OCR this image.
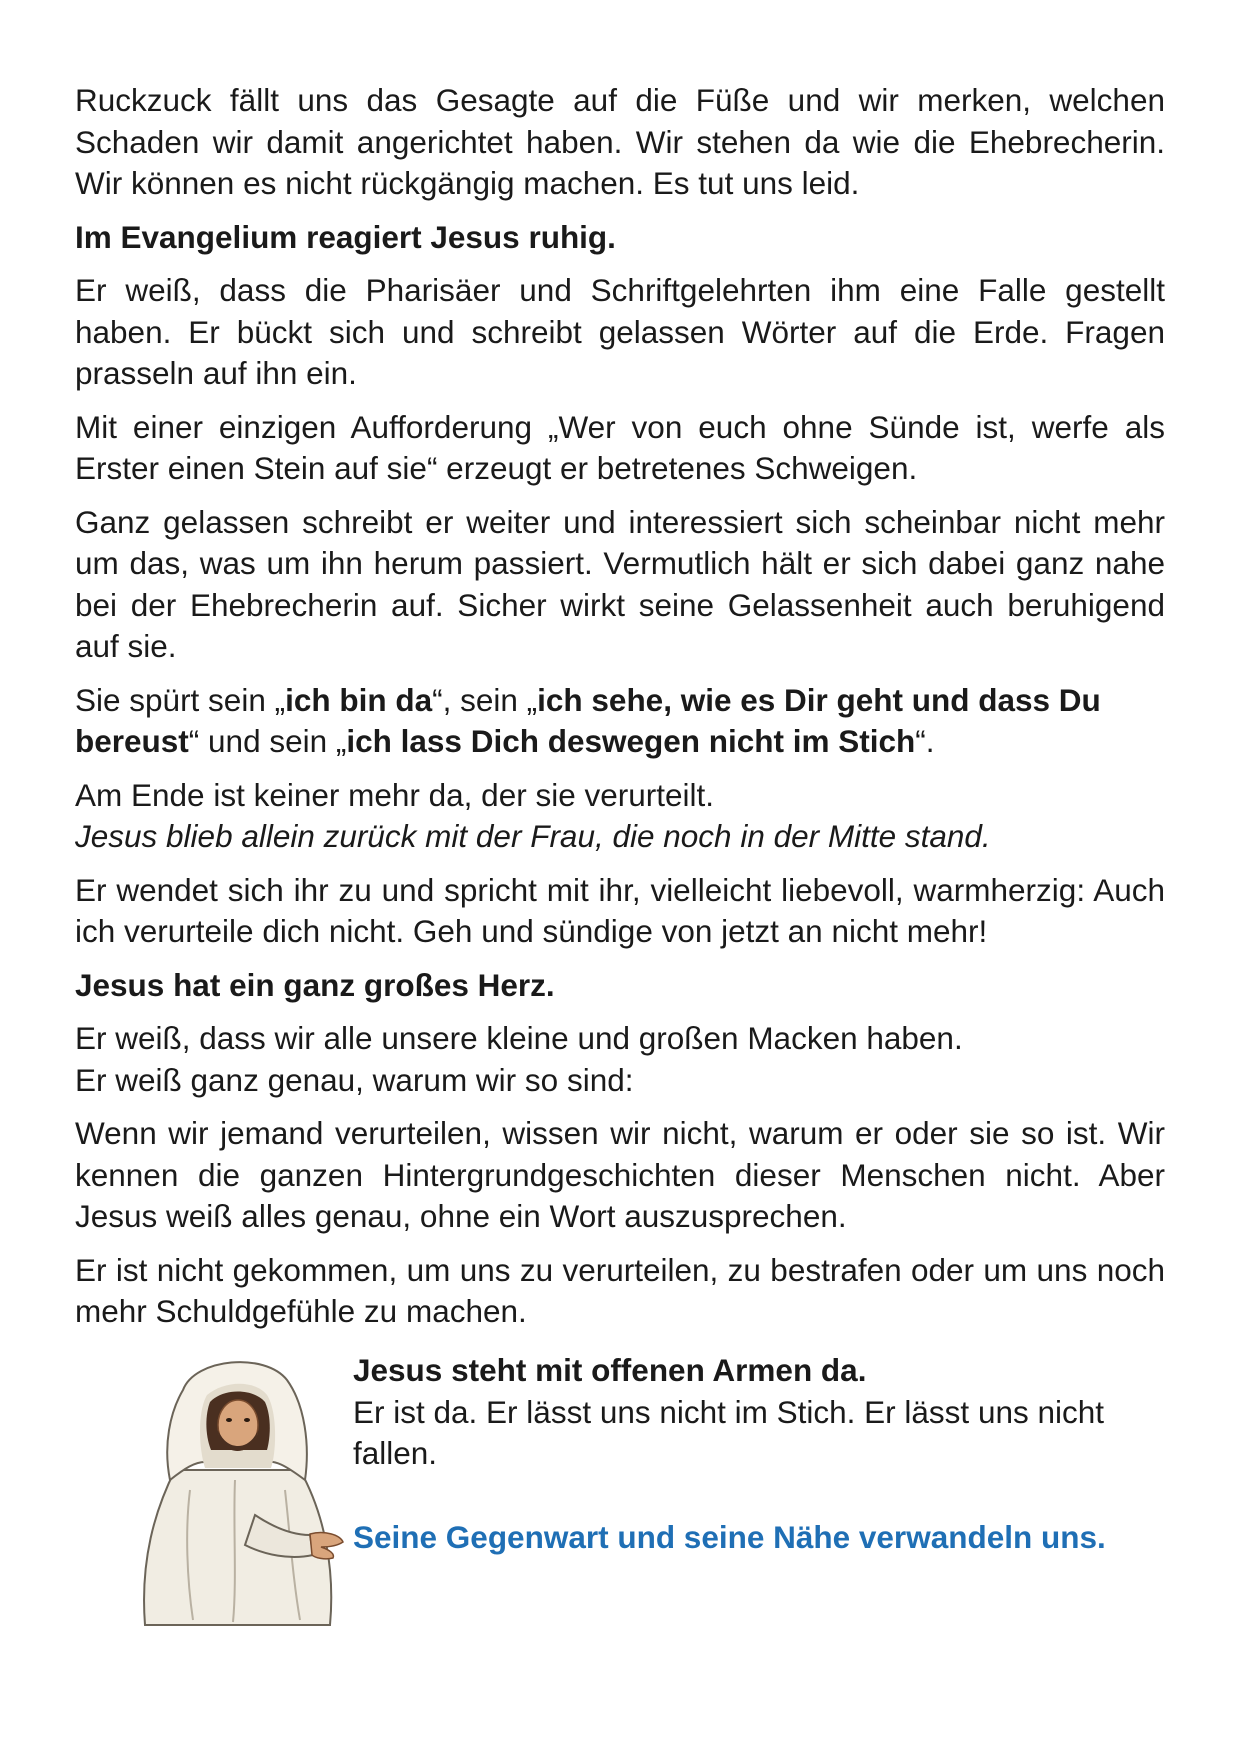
Ruckzuck fällt uns das Gesagte auf die Füße und wir merken, welchen Schaden wir damit angerichtet haben. Wir stehen da wie die Ehebrecherin. Wir können es nicht rückgängig machen. Es tut uns leid.

Im Evangelium reagiert Jesus ruhig.

Er weiß, dass die Pharisäer und Schriftgelehrten ihm eine Falle gestellt haben. Er bückt sich und schreibt gelassen Wörter auf die Erde. Fragen prasseln auf ihn ein.

Mit einer einzigen Aufforderung „Wer von euch ohne Sünde ist, werfe als Erster einen Stein auf sie“ erzeugt er betretenes Schweigen.

Ganz gelassen schreibt er weiter und interessiert sich scheinbar nicht mehr um das, was um ihn herum passiert. Vermutlich hält er sich dabei ganz nahe bei der Ehebrecherin auf. Sicher wirkt seine Gelassenheit auch beruhigend auf sie.

Sie spürt sein „ich bin da“, sein „ich sehe, wie es Dir geht und dass Du bereust“ und sein „ich lass Dich deswegen nicht im Stich“.

Am Ende ist keiner mehr da, der sie verurteilt.
Jesus blieb allein zurück mit der Frau, die noch in der Mitte stand.

Er wendet sich ihr zu und spricht mit ihr, vielleicht liebevoll, warmherzig: Auch ich verurteile dich nicht. Geh und sündige von jetzt an nicht mehr!

Jesus hat ein ganz großes Herz.

Er weiß, dass wir alle unsere kleine und großen Macken haben.
Er weiß ganz genau, warum wir so sind:

Wenn wir jemand verurteilen, wissen wir nicht, warum er oder sie so ist. Wir kennen die ganzen Hintergrundgeschichten dieser Menschen nicht. Aber Jesus weiß alles genau, ohne ein Wort auszusprechen.

Er ist nicht gekommen, um uns zu verurteilen, zu bestrafen oder um uns noch mehr Schuldgefühle zu machen.

Jesus steht mit offenen Armen da.

Er ist da. Er lässt uns nicht im Stich. Er lässt uns nicht fallen.

Seine Gegenwart und seine Nähe verwandeln uns.
